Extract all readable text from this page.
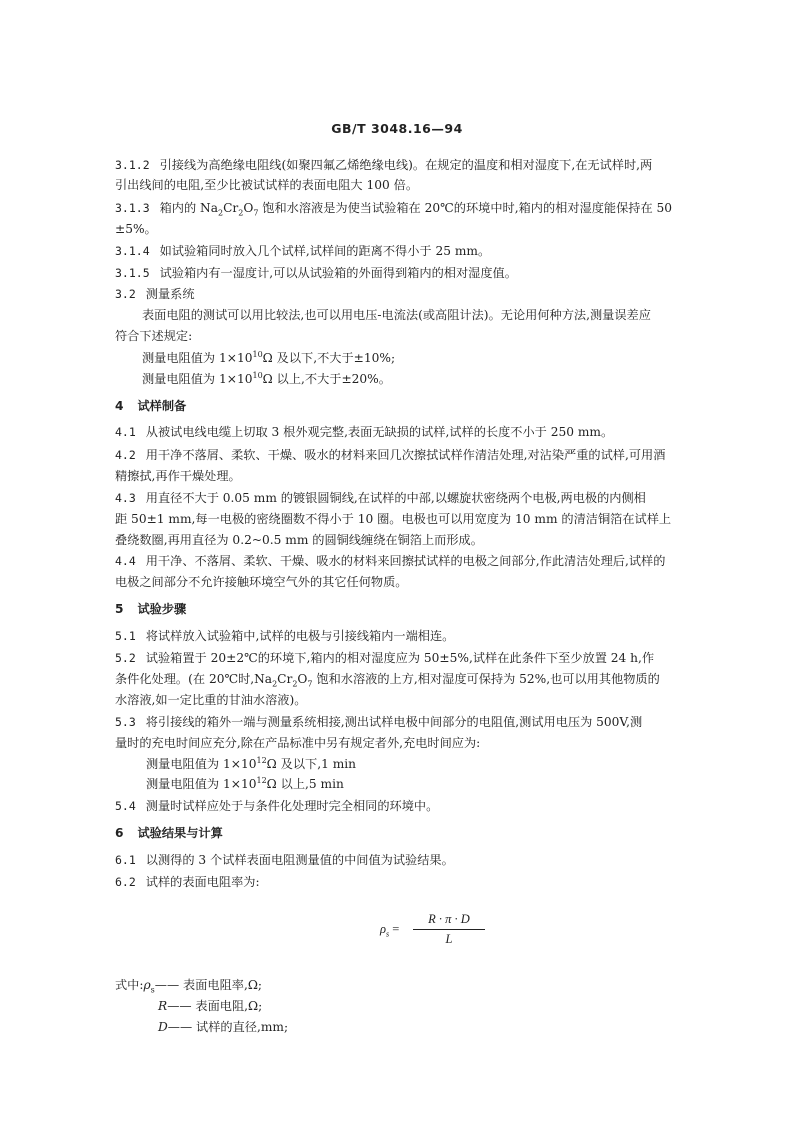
GB/T 3048.16—94
3.1.2 引接线为高绝缘电阻线(如聚四氟乙烯绝缘电线)。在规定的温度和相对湿度下,在无试样时,两
引出线间的电阻,至少比被试试样的表面电阻大 100 倍。
3.1.3 箱内的 $Na_2Cr_2O_7$ 饱和水溶液是为使当试验箱在 20℃的环境中时,箱内的相对湿度能保持在 50
±5%。
3.1.4 如试验箱同时放入几个试样,试样间的距离不得小于 25 mm。
3.1.5 试验箱内有一湿度计,可以从试验箱的外面得到箱内的相对湿度值。
3.2 测量系统
表面电阻的测试可以用比较法,也可以用电压-电流法(或高阻计法)。无论用何种方法,测量误差应
符合下述规定:
测量电阻值为 $1\times 10^{10}\Omega$ 及以下,不大于±10%;
测量电阻值为 $1\times 10^{10}\Omega$ 以上,不大于±20%。
4 试样制备
4.1 从被试电线电缆上切取 3 根外观完整,表面无缺损的试样,试样的长度不小于 250 mm。
4.2 用干净不落屑、柔软、干燥、吸水的材料来回几次擦拭试样作清洁处理,对沾染严重的试样,可用酒
精擦拭,再作干燥处理。
4.3 用直径不大于 0.05 mm 的镀银圆铜线,在试样的中部,以螺旋状密绕两个电极,两电极的内侧相
距 50±1 mm,每一电极的密绕圈数不得小于 10 圈。电极也可以用宽度为 10 mm 的清洁铜箔在试样上
叠绕数圈,再用直径为 0.2~0.5 mm 的圆铜线缠绕在铜箔上而形成。
4.4 用干净、不落屑、柔软、干燥、吸水的材料来回擦拭试样的电极之间部分,作此清洁处理后,试样的
电极之间部分不允许接触环境空气外的其它任何物质。
5 试验步骤
5.1 将试样放入试验箱中,试样的电极与引接线箱内一端相连。
5.2 试验箱置于 20±2℃的环境下,箱内的相对湿度应为 50±5%,试样在此条件下至少放置 24 h,作
条件化处理。(在 20℃时$,Na_2Cr_2O_7$ 饱和水溶液的上方,相对湿度可保持为 52%,也可以用其他物质的
水溶液,如一定比重的甘油水溶液)。
5.3 将引接线的箱外一端与测量系统相接,测出试样电极中间部分的电阻值,测试用电压为 500V,测
量时的充电时间应充分,除在产品标准中另有规定者外,充电时间应为:
测量电阻值为 $1\times 10^{12}\Omega$ 及以下,1 min
测量电阻值为 $1\times 10^{12}\Omega$ 以上,5 min
5.4 测量时试样应处于与条件化处理时完全相同的环境中。
6 试验结果与计算
6.1 以测得的 3 个试样表面电阻测量值的中间值为试验结果。
6.2 试样的表面电阻率为:
$\rho_s$ =
R · π · D
L
式中$:\rho_s——$ 表面电阻率,Ω;
R—— 表面电阻,Ω;
D—— 试样的直径,mm;
